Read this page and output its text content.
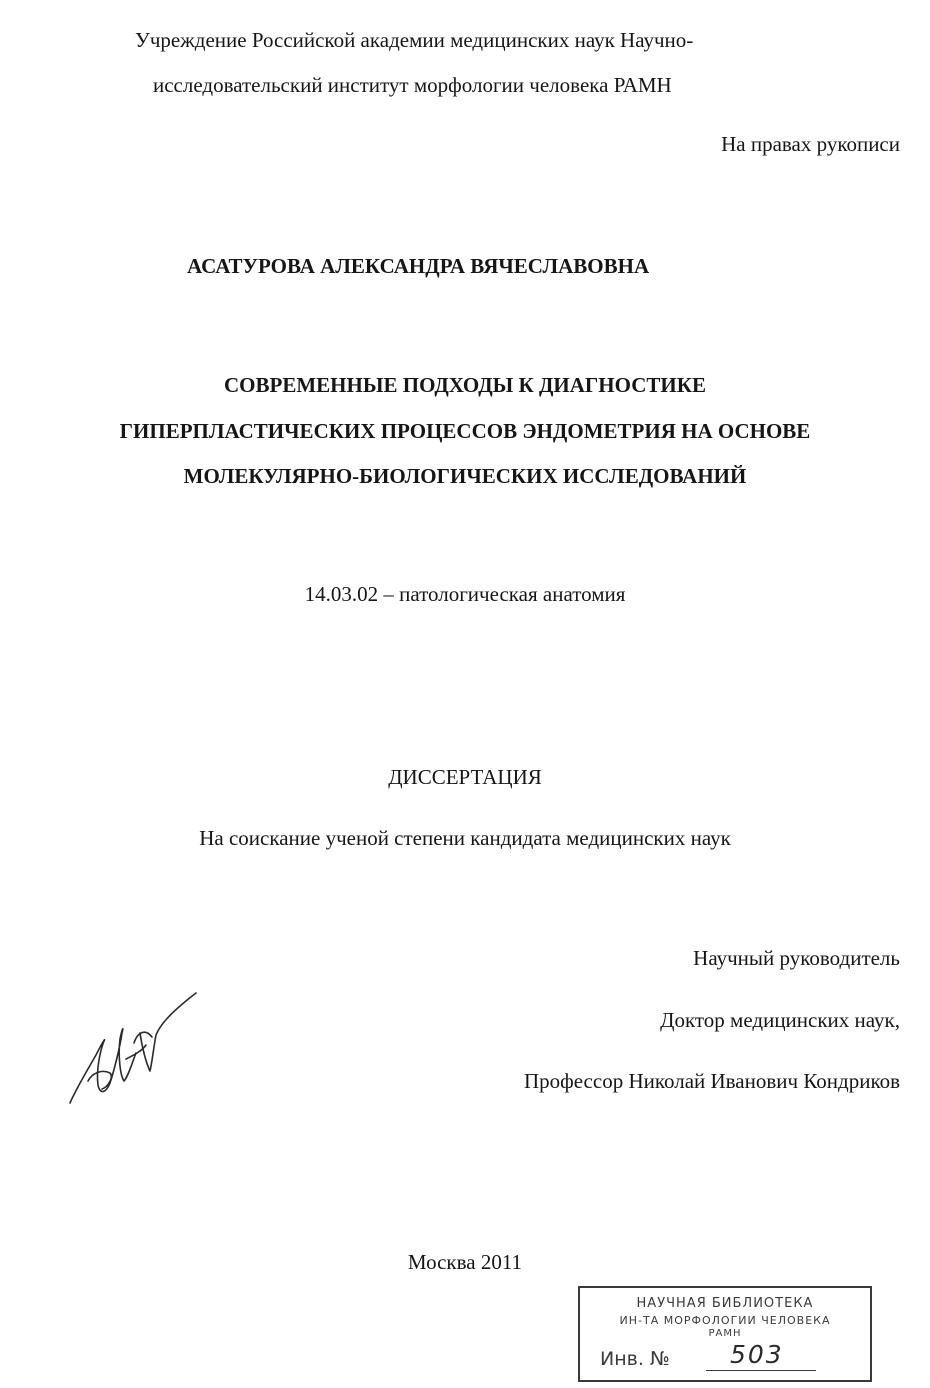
Учреждение Российской академии медицинских наук Научно-
исследовательский институт морфологии человека РАМН
На правах рукописи
АСАТУРОВА АЛЕКСАНДРА ВЯЧЕСЛАВОВНА
СОВРЕМЕННЫЕ ПОДХОДЫ К ДИАГНОСТИКЕ
ГИПЕРПЛАСТИЧЕСКИХ ПРОЦЕССОВ ЭНДОМЕТРИЯ НА ОСНОВЕ
МОЛЕКУЛЯРНО-БИОЛОГИЧЕСКИХ ИССЛЕДОВАНИЙ
14.03.02 – патологическая анатомия
ДИССЕРТАЦИЯ
На соискание ученой степени кандидата медицинских наук
Научный руководитель
Доктор медицинских наук,
Профессор Николай Иванович Кондриков
Москва 2011
НАУЧНАЯ БИБЛИОТЕКА
ИН-ТА МОРФОЛОГИИ ЧЕЛОВЕКА
РАМН
Инв. № 503
